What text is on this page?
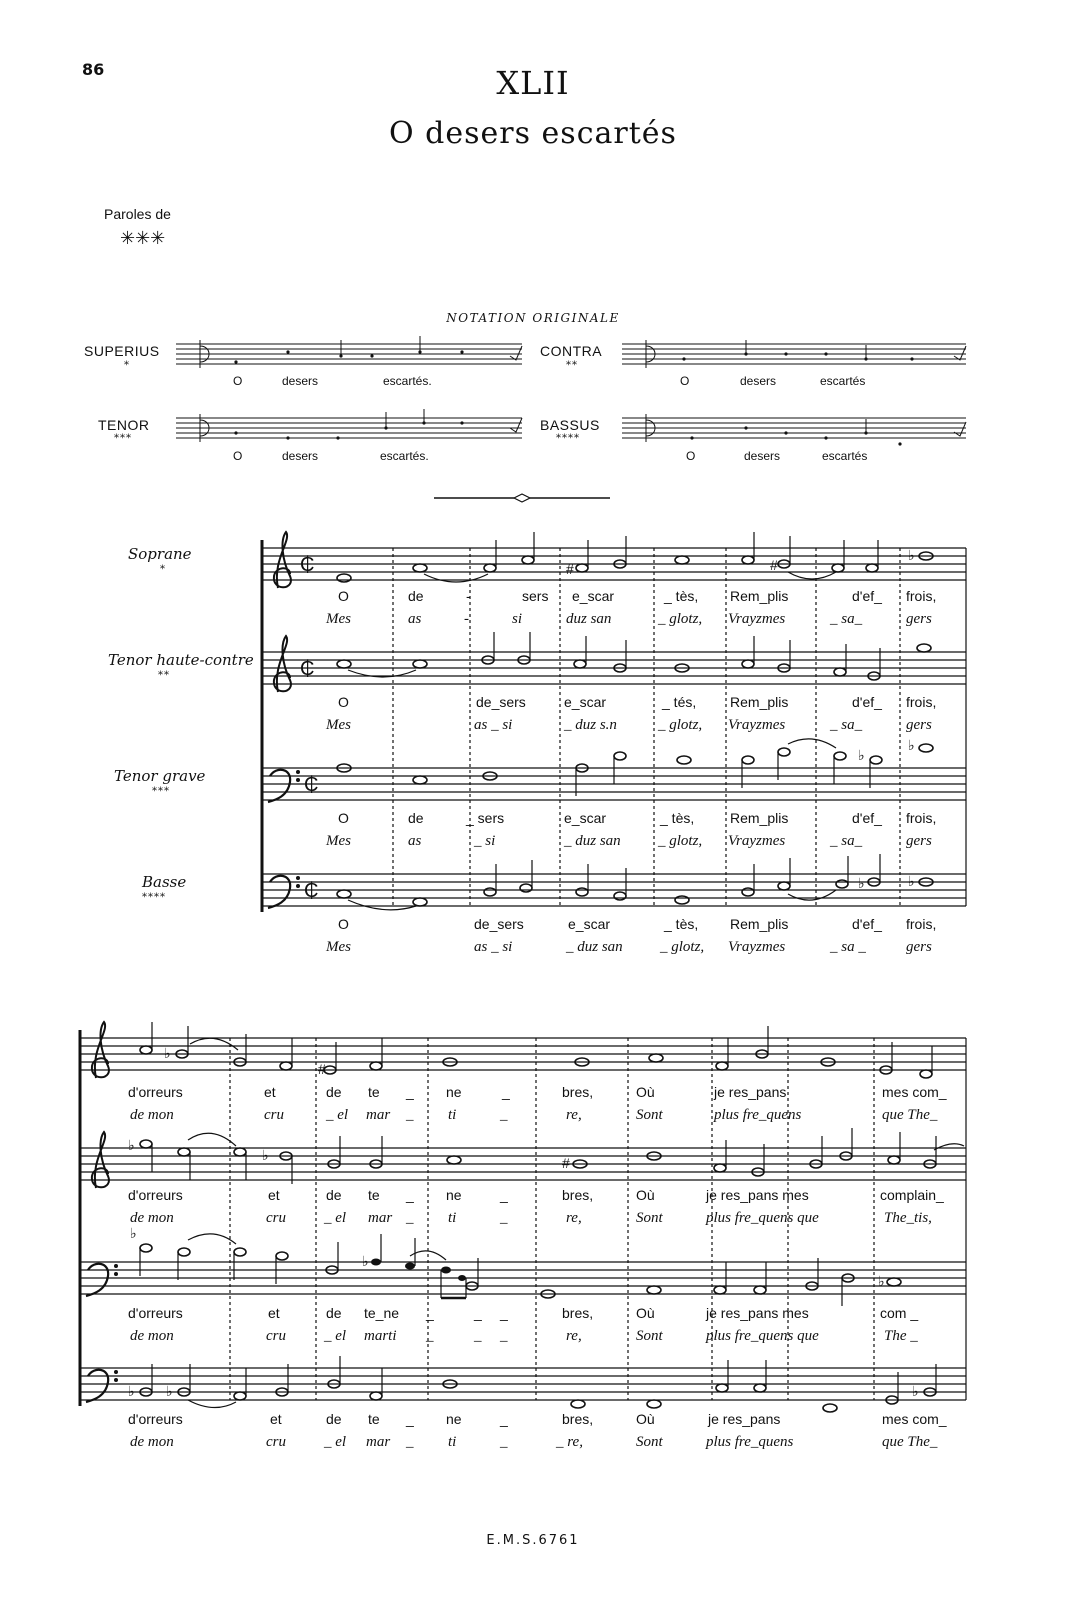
86	XLII
O desers escartés
Paroles de
✳✳✳
NOTATION ORIGINALE
SUPERIUS
*
CONTRA
**
TENOR
***
BASSUS
****
O	desers	escartés.	O	desers	escartés
O	desers	escartés.	O	desers	escartés
Soprane
*
Tenor haute-contre
**
Tenor grave
***
Basse
****
₵
₵
₵
₵
#	#
♭
♭
♭
♭	♭
O	de	-	sers e_scar	_ tès, Rem_plis	d'ef_ frois,
Mes	as	-	si	duz san	_ glotz, Vrayzmes	_ sa_	gers
O	de_sers	e_scar	_ tés, Rem_plis	d'ef_ frois,
Mes	as _ si	_ duz s.n	_ glotz, Vrayzmes	_ sa_	gers
O	de	_ sers	e_scar	_ tès,	Rem_plis	d'ef_ frois,
Mes	as	_ si	_ duz san _ glotz, Vrayzmes	_ sa_	gers
O	de_sers	e_scar	_ tès, Rem_plis	d'ef_ frois,
Mes	as _ si	_ duz san _ glotz, Vrayzmes	_ sa _	gers
♭
♭
♭
♭
♭
♭
♭ ♭	♭
#
#
d'orreurs	et	de te _ ne	_	bres,	Où	je res_pans	mes com_
de mon	cru	_ el mar _ ti	_	re,	Sont	plus fre_quens	que The_
d'orreurs	et	de te _ ne	_	bres,	Où	je res_pans mes	complain_
de mon	cru	_ el mar _ ti	_	re,	Sont	plus fre_quens que	The_tis,
d'orreurs	et	de te_ne _	_ _	bres,	Où	je res_pans mes	com _
de mon	cru	_ el marti _	_ _	re,	Sont	plus fre_quens que	The _
d'orreurs	et	de te _ ne	_	bres,	Où	je res_pans	mes com_
de mon	cru	_ el mar _ ti	_	_ re,	Sont	plus fre_quens	que The_
E.M.S.6761
